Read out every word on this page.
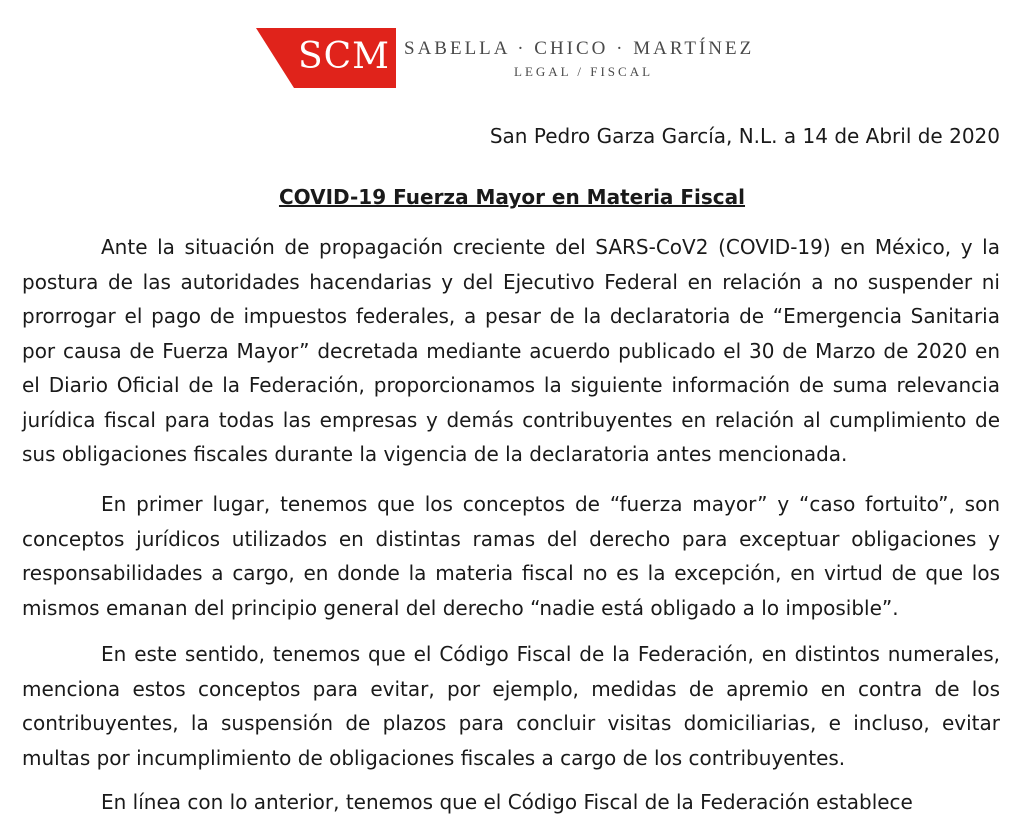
SCM SABELLA · CHICO · MARTÍNEZ
LEGAL / FISCAL
San Pedro Garza García, N.L. a 14 de Abril de 2020
COVID-19 Fuerza Mayor en Materia Fiscal

Ante la situación de propagación creciente del SARS-CoV2 (COVID-19) en México, y la postura de las autoridades hacendarias y del Ejecutivo Federal en relación a no suspender ni prorrogar el pago de impuestos federales, a pesar de la declaratoria de “Emergencia Sanitaria por causa de Fuerza Mayor” decretada mediante acuerdo publicado el 30 de Marzo de 2020 en el Diario Oficial de la Federación, proporcionamos la siguiente información de suma relevancia jurídica fiscal para todas las empresas y demás contribuyentes en relación al cumplimiento de sus obligaciones fiscales durante la vigencia de la declaratoria antes mencionada.

En primer lugar, tenemos que los conceptos de “fuerza mayor” y “caso fortuito”, son conceptos jurídicos utilizados en distintas ramas del derecho para exceptuar obligaciones y responsabilidades a cargo, en donde la materia fiscal no es la excepción, en virtud de que los mismos emanan del principio general del derecho “nadie está obligado a lo imposible”.

En este sentido, tenemos que el Código Fiscal de la Federación, en distintos numerales, menciona estos conceptos para evitar, por ejemplo, medidas de apremio en contra de los contribuyentes, la suspensión de plazos para concluir visitas domiciliarias, e incluso, evitar multas por incumplimiento de obligaciones fiscales a cargo de los contribuyentes.

En línea con lo anterior, tenemos que el Código Fiscal de la Federación establece
